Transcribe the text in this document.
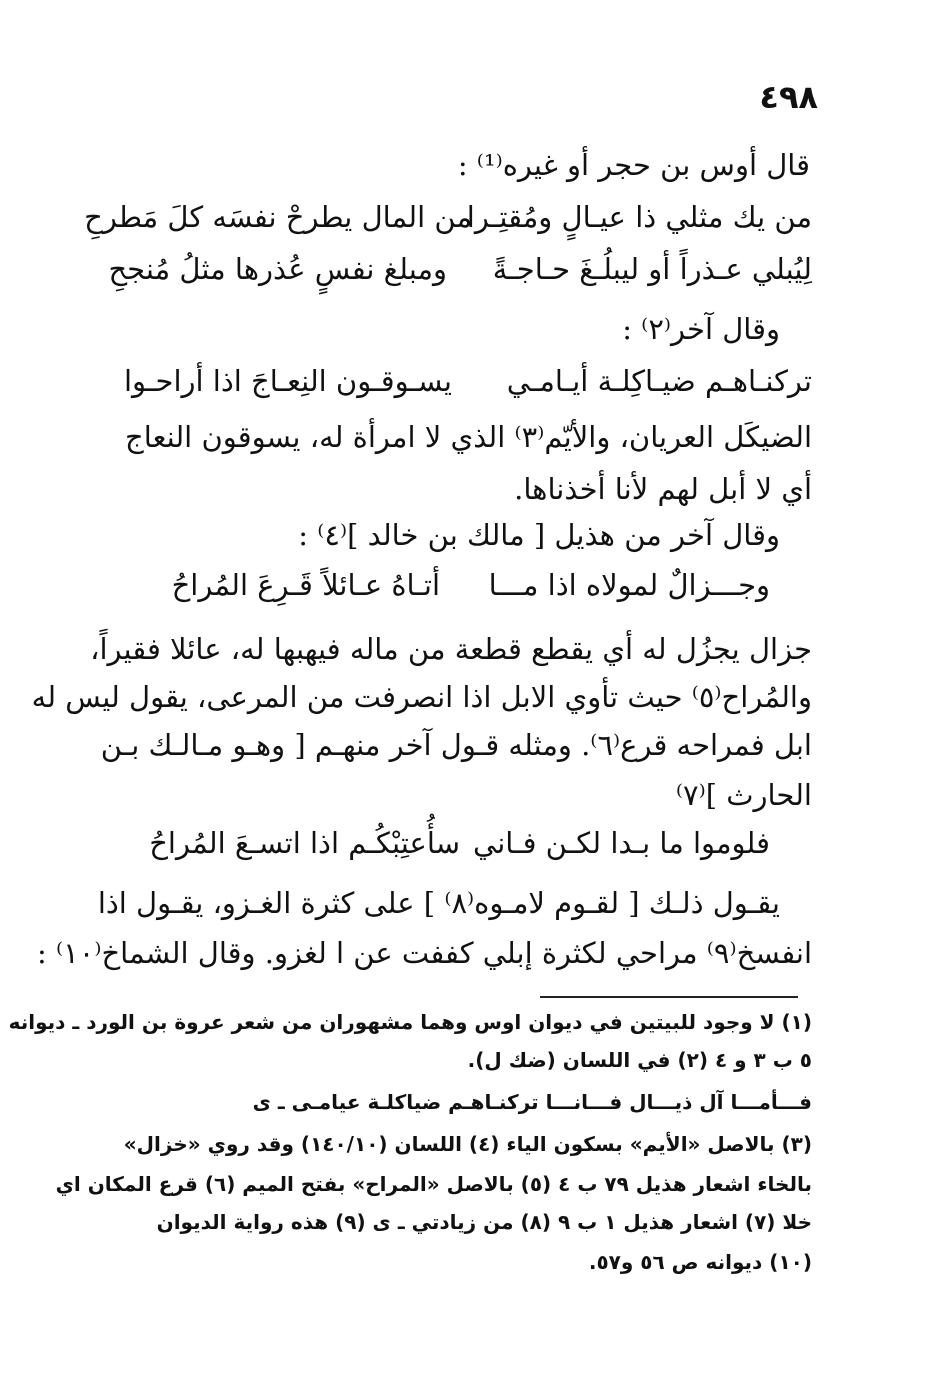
٤٩٨
قال أوس بن حجر أو غيره⁽¹⁾ :
من يك مثلي ذا عيـالٍ ومُقتِـرا
من المال يطرحْ نفسَه كلَ مَطرحِ
لِيُبلي عـذراً أو ليبلُـغَ حـاجـةً
ومبلغ نفسٍ عُذرها مثلُ مُنجحِ
وقال آخر⁽٢⁾ :
تركنـاهـم ضيـاكِلـة أيـامـي
يسـوقـون النِعـاجَ اذا أراحـوا
الضيكَل العريان، والأيّم⁽٣⁾ الذي لا امرأة له، يسوقون النعاج
أي لا أبل لهم لأنا أخذناها.
وقال آخر من هذيل [ مالك بن خالد ]⁽٤⁾ :
وجـــزالٌ لمولاه اذا مـــا
أتـاهُ عـائلاً قَـرِعَ المُراحُ
جزال يجزُل له أي يقطع قطعة من ماله فيهبها له، عائلا فقيراً،
والمُراح⁽٥⁾ حيث تأوي الابل اذا انصرفت من المرعى، يقول ليس له
ابل فمراحه قرع⁽٦⁾. ومثله قـول آخر منهـم [ وهـو مـالـك بـن
الحارث ]⁽٧⁾
فلوموا ما بـدا لكـن فـاني
سأُعتِبْكُـم اذا اتسـعَ المُراحُ
يقـول ذلـك [ لقـوم لامـوه⁽٨⁾ ] على كثرة الغـزو، يقـول اذا
انفسخ⁽٩⁾ مراحي لكثرة إبلي كففت عن ا لغزو. وقال الشماخ⁽١٠⁾ :
(١) لا وجود للبيتين في ديوان اوس وهما مشهوران من شعر عروة بن الورد ـ ديوانه
٥ ب ٣ و ٤ (٢) في اللسان (ضك ل).
فـــأمـــا آل ذيـــال فـــانـــا تركنـاهـم ضياكلـة عيامـى ـ ى
(٣) بالاصل «الأيم» بسكون الياء (٤) اللسان (١٤٠/١٠) وقد روي «خزال»
بالخاء اشعار هذيل ٧٩ ب ٤ (٥) بالاصل «المراح» بفتح الميم (٦) قرع المكان اي
خلا (٧) اشعار هذيل ١ ب ٩ (٨) من زيادتي ـ ى (٩) هذه رواية الديوان
(١٠) ديوانه ص ٥٦ و٥٧.
